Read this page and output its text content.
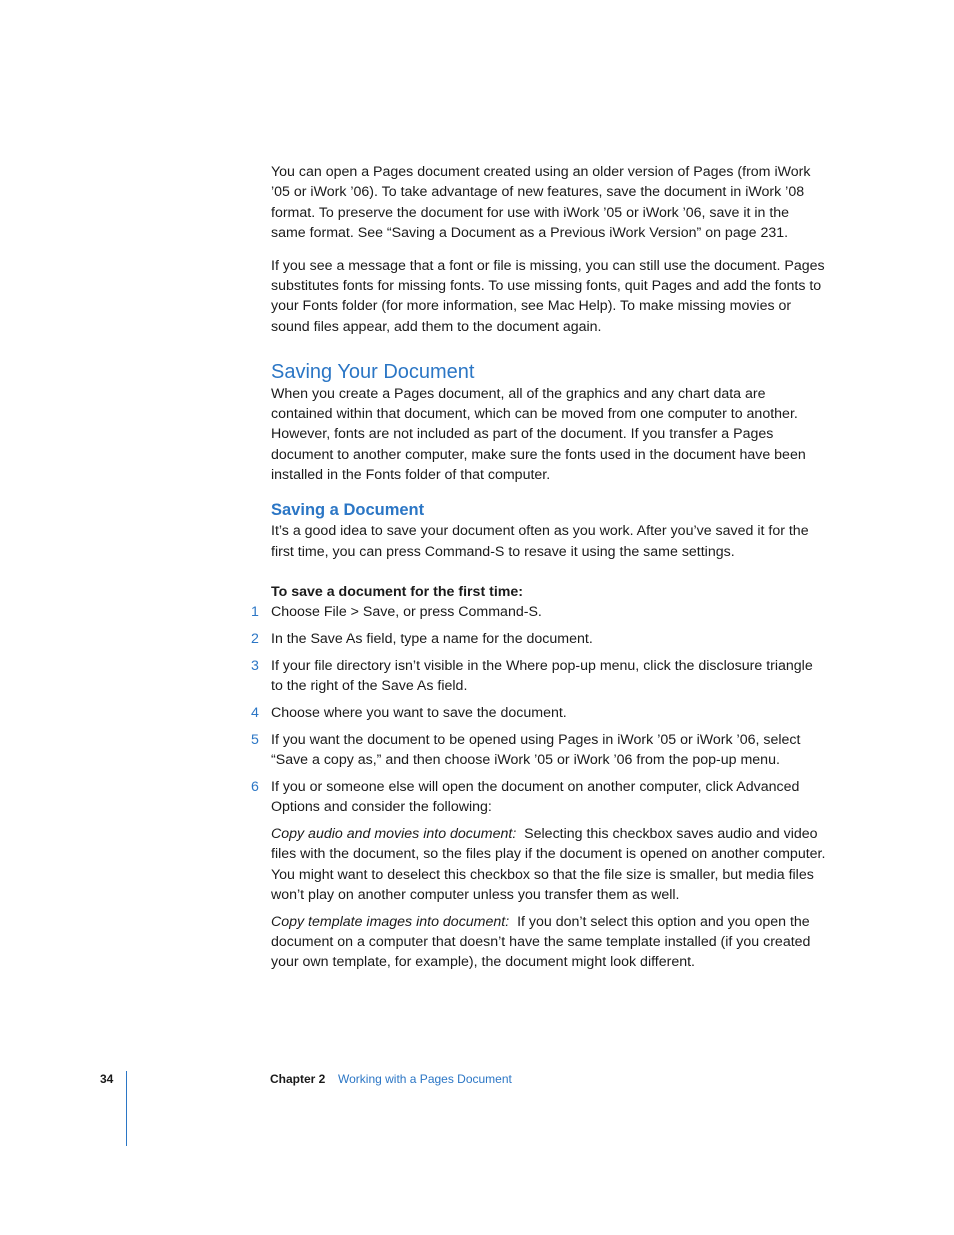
You can open a Pages document created using an older version of Pages (from iWork ’05 or iWork ’06). To take advantage of new features, save the document in iWork ’08 format. To preserve the document for use with iWork ’05 or iWork ’06, save it in the same format. See “Saving a Document as a Previous iWork Version” on page 231.

If you see a message that a font or file is missing, you can still use the document. Pages substitutes fonts for missing fonts. To use missing fonts, quit Pages and add the fonts to your Fonts folder (for more information, see Mac Help). To make missing movies or sound files appear, add them to the document again.

Saving Your Document

When you create a Pages document, all of the graphics and any chart data are contained within that document, which can be moved from one computer to another. However, fonts are not included as part of the document. If you transfer a Pages document to another computer, make sure the fonts used in the document have been installed in the Fonts folder of that computer.

Saving a Document

It’s a good idea to save your document often as you work. After you’ve saved it for the first time, you can press Command-S to resave it using the same settings.

To save a document for the first time:

1 Choose File > Save, or press Command-S.
2 In the Save As field, type a name for the document.
3 If your file directory isn’t visible in the Where pop-up menu, click the disclosure triangle to the right of the Save As field.
4 Choose where you want to save the document.
5 If you want the document to be opened using Pages in iWork ’05 or iWork ’06, select “Save a copy as,” and then choose iWork ’05 or iWork ’06 from the pop-up menu.
6 If you or someone else will open the document on another computer, click Advanced Options and consider the following:

Copy audio and movies into document: Selecting this checkbox saves audio and video files with the document, so the files play if the document is opened on another computer. You might want to deselect this checkbox so that the file size is smaller, but media files won’t play on another computer unless you transfer them as well.

Copy template images into document: If you don’t select this option and you open the document on a computer that doesn’t have the same template installed (if you created your own template, for example), the document might look different.

34	Chapter 2 Working with a Pages Document
